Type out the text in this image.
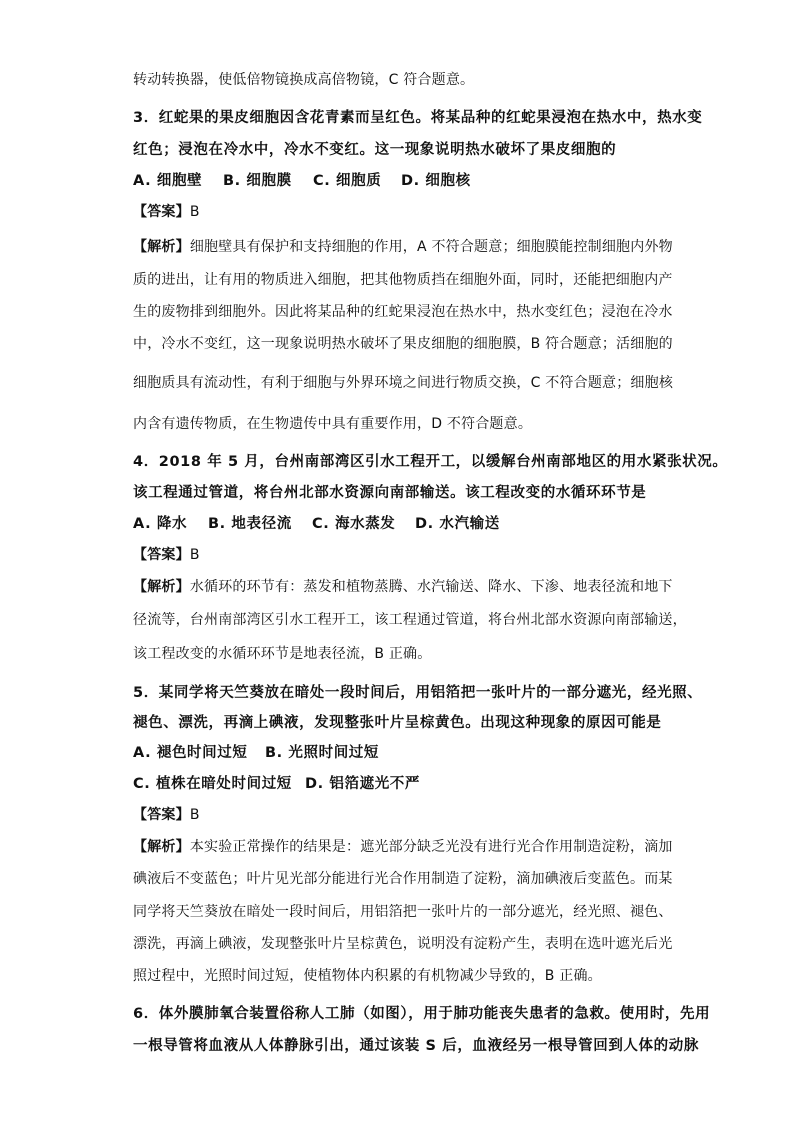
转动转换器，使低倍物镜换成高倍物镜，C 符合题意。
3．红蛇果的果皮细胞因含花青素而呈红色。将某品种的红蛇果浸泡在热水中，热水变
红色；浸泡在冷水中，冷水不变红。这一现象说明热水破坏了果皮细胞的
A. 细胞壁 B. 细胞膜 C. 细胞质 D. 细胞核
【答案】B
【解析】细胞壁具有保护和支持细胞的作用，A 不符合题意；细胞膜能控制细胞内外物
质的进出，让有用的物质进入细胞，把其他物质挡在细胞外面，同时，还能把细胞内产
生的废物排到细胞外。因此将某品种的红蛇果浸泡在热水中，热水变红色；浸泡在冷水
中，冷水不变红，这一现象说明热水破坏了果皮细胞的细胞膜，B 符合题意；活细胞的
细胞质具有流动性，有利于细胞与外界环境之间进行物质交换，C 不符合题意；细胞核
内含有遗传物质，在生物遗传中具有重要作用，D 不符合题意。
4．2018 年 5 月，台州南部湾区引水工程开工，以缓解台州南部地区的用水紧张状况。
该工程通过管道，将台州北部水资源向南部输送。该工程改变的水循环环节是
A. 降水 B. 地表径流 C. 海水蒸发 D. 水汽输送
【答案】B
【解析】水循环的环节有：蒸发和植物蒸腾、水汽输送、降水、下渗、地表径流和地下
径流等，台州南部湾区引水工程开工，该工程通过管道，将台州北部水资源向南部输送，
该工程改变的水循环环节是地表径流，B 正确。
5．某同学将天竺葵放在暗处一段时间后，用铝箔把一张叶片的一部分遮光，经光照、
褪色、漂洗，再滴上碘液，发现整张叶片呈棕黄色。出现这种现象的原因可能是
A. 褪色时间过短 B. 光照时间过短
C. 植株在暗处时间过短 D. 铝箔遮光不严
【答案】B
【解析】本实验正常操作的结果是：遮光部分缺乏光没有进行光合作用制造淀粉，滴加
碘液后不变蓝色；叶片见光部分能进行光合作用制造了淀粉，滴加碘液后变蓝色。而某
同学将天竺葵放在暗处一段时间后，用铝箔把一张叶片的一部分遮光，经光照、褪色、
漂洗，再滴上碘液，发现整张叶片呈棕黄色，说明没有淀粉产生，表明在选叶遮光后光
照过程中，光照时间过短，使植物体内积累的有机物减少导致的，B 正确。
6．体外膜肺氧合装置俗称人工肺（如图），用于肺功能丧失患者的急救。使用时，先用
一根导管将血液从人体静脉引出，通过该装 S 后，血液经另一根导管回到人体的动脉
